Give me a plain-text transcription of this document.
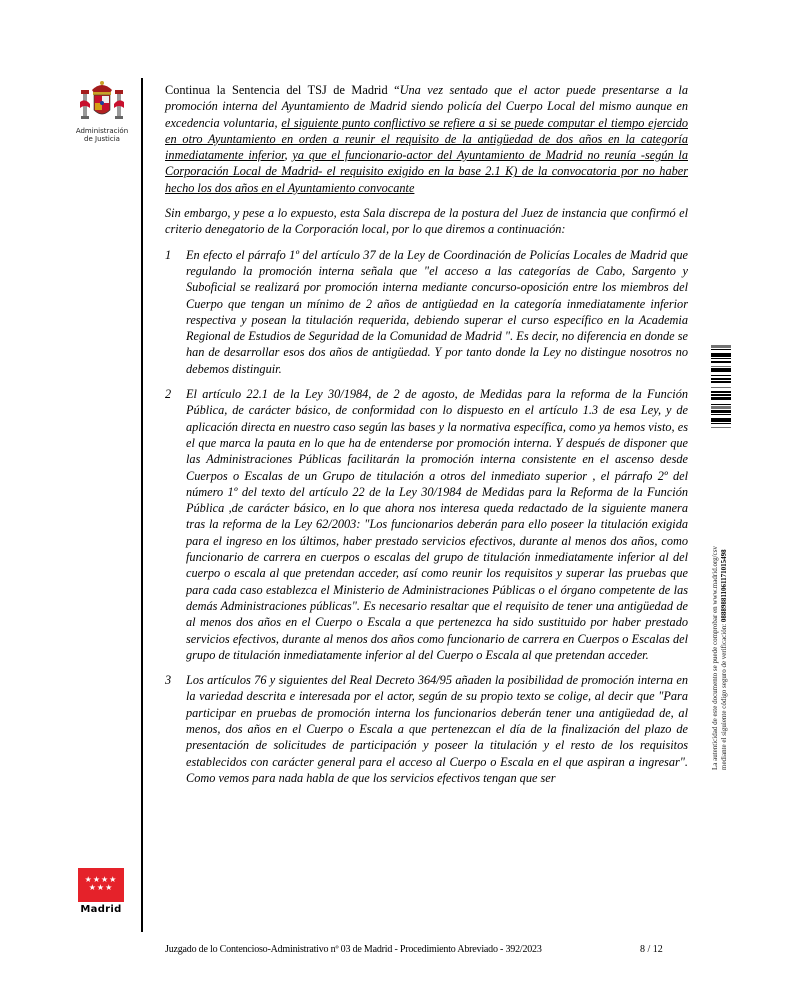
Administración
de Justicia

Continua la Sentencia del TSJ de Madrid “Una vez sentado que el actor puede presentarse a la promoción interna del Ayuntamiento de Madrid siendo policía del Cuerpo Local del mismo aunque en excedencia voluntaria, el siguiente punto conflictivo se refiere a si se puede computar el tiempo ejercido en otro Ayuntamiento en orden a reunir el requisito de la antigüedad de dos años en la categoría inmediatamente inferior, ya que el funcionario-actor del Ayuntamiento de Madrid no reunía -según la Corporación Local de Madrid- el requisito exigido en la base 2.1 K) de la convocatoria por no haber hecho los dos años en el Ayuntamiento convocante

Sin embargo, y pese a lo expuesto, esta Sala discrepa de la postura del Juez de instancia que confirmó el criterio denegatorio de la Corporación local, por lo que diremos a continuación:

1 En efecto el párrafo 1º del artículo 37 de la Ley de Coordinación de Policías Locales de Madrid que regulando la promoción interna señala que "el acceso a las categorías de Cabo, Sargento y Suboficial se realizará por promoción interna mediante concurso-oposición entre los miembros del Cuerpo que tengan un mínimo de 2 años de antigüedad en la categoría inmediatamente inferior respectiva y posean la titulación requerida, debiendo superar el curso específico en la Academia Regional de Estudios de Seguridad de la Comunidad de Madrid ". Es decir, no diferencia en donde se han de desarrollar esos dos años de antigüedad. Y por tanto donde la Ley no distingue nosotros no debemos distinguir.
2 El artículo 22.1 de la Ley 30/1984, de 2 de agosto, de Medidas para la reforma de la Función Pública, de carácter básico, de conformidad con lo dispuesto en el artículo 1.3 de esa Ley, y de aplicación directa en nuestro caso según las bases y la normativa específica, como ya hemos visto, es el que marca la pauta en lo que ha de entenderse por promoción interna. Y después de disponer que las Administraciones Públicas facilitarán la promoción interna consistente en el ascenso desde Cuerpos o Escalas de un Grupo de titulación a otros del inmediato superior , el párrafo 2º del número 1º del texto del artículo 22 de la Ley 30/1984 de Medidas para la Reforma de la Función Pública ,de carácter básico, en lo que ahora nos interesa queda redactado de la siguiente manera tras la reforma de la Ley 62/2003: "Los funcionarios deberán para ello poseer la titulación exigida para el ingreso en los últimos, haber prestado servicios efectivos, durante al menos dos años, como funcionario de carrera en cuerpos o escalas del grupo de titulación inmediatamente inferior al del cuerpo o escala al que pretendan acceder, así como reunir los requisitos y superar las pruebas que para cada caso establezca el Ministerio de Administraciones Públicas o el órgano competente de las demás Administraciones públicas". Es necesario resaltar que el requisito de tener una antigüedad de al menos dos años en el Cuerpo o Escala a que pertenezca ha sido sustituido por haber prestado servicios efectivos, durante al menos dos años como funcionario de carrera en Cuerpos o Escalas del grupo de titulación inmediatamente inferior al del Cuerpo o Escala al que pretendan acceder.
3 Los artículos 76 y siguientes del Real Decreto 364/95 añaden la posibilidad de promoción interna en la variedad descrita e interesada por el actor, según de su propio texto se colige, al decir que "Para participar en pruebas de promoción interna los funcionarios deberán tener una antigüedad de, al menos, dos años en el Cuerpo o Escala a que pertenezcan el día de la finalización del plazo de presentación de solicitudes de participación y poseer la titulación y el resto de los requisitos establecidos con carácter general para el acceso al Cuerpo o Escala en el que aspiran a ingresar". Como vemos para nada habla de que los servicios efectivos tengan que ser
La autenticidad de este documento se puede comprobar en www.madrid.org/csv mediante el siguiente código seguro de verificación: 0888988110611710154​98
★★★★
★★★
Madrid
Juzgado de lo Contencioso-Administrativo nº 03 de Madrid - Procedimiento Abreviado - 392/2023	8 / 12
